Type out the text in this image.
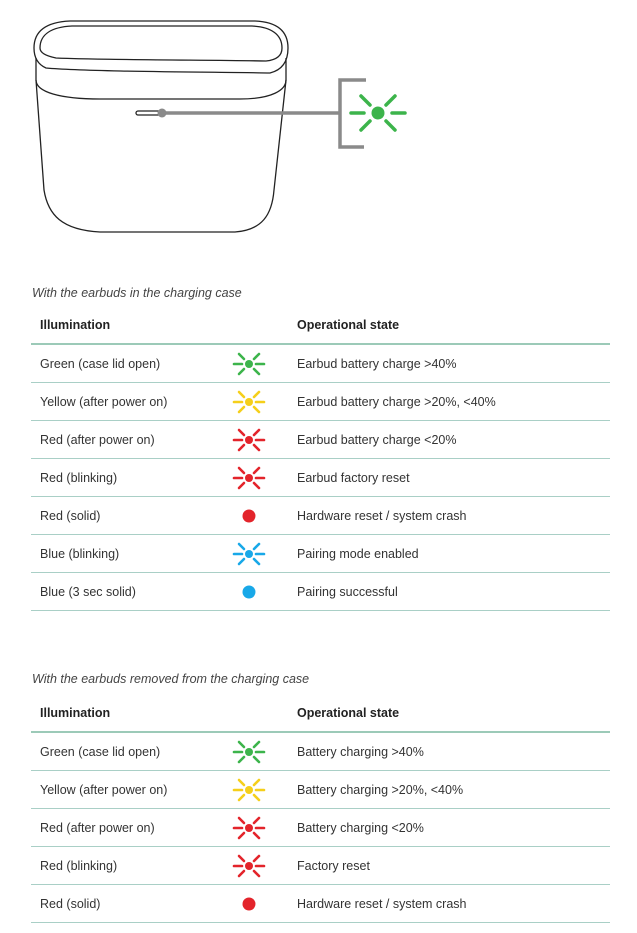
With the earbuds in the charging case
Illumination		Operational state
Green (case lid open)		Earbud battery charge >40%
Yellow (after power on)		Earbud battery charge >20%, <40%
Red (after power on)		Earbud battery charge <20%
Red (blinking)		Earbud factory reset
Red (solid)		Hardware reset / system crash
Blue (blinking)		Pairing mode enabled
Blue (3 sec solid)		Pairing successful
With the earbuds removed from the charging case
Illumination		Operational state
Green (case lid open)		Battery charging >40%
Yellow (after power on)		Battery charging >20%, <40%
Red (after power on)		Battery charging <20%
Red (blinking)		Factory reset
Red (solid)		Hardware reset / system crash
